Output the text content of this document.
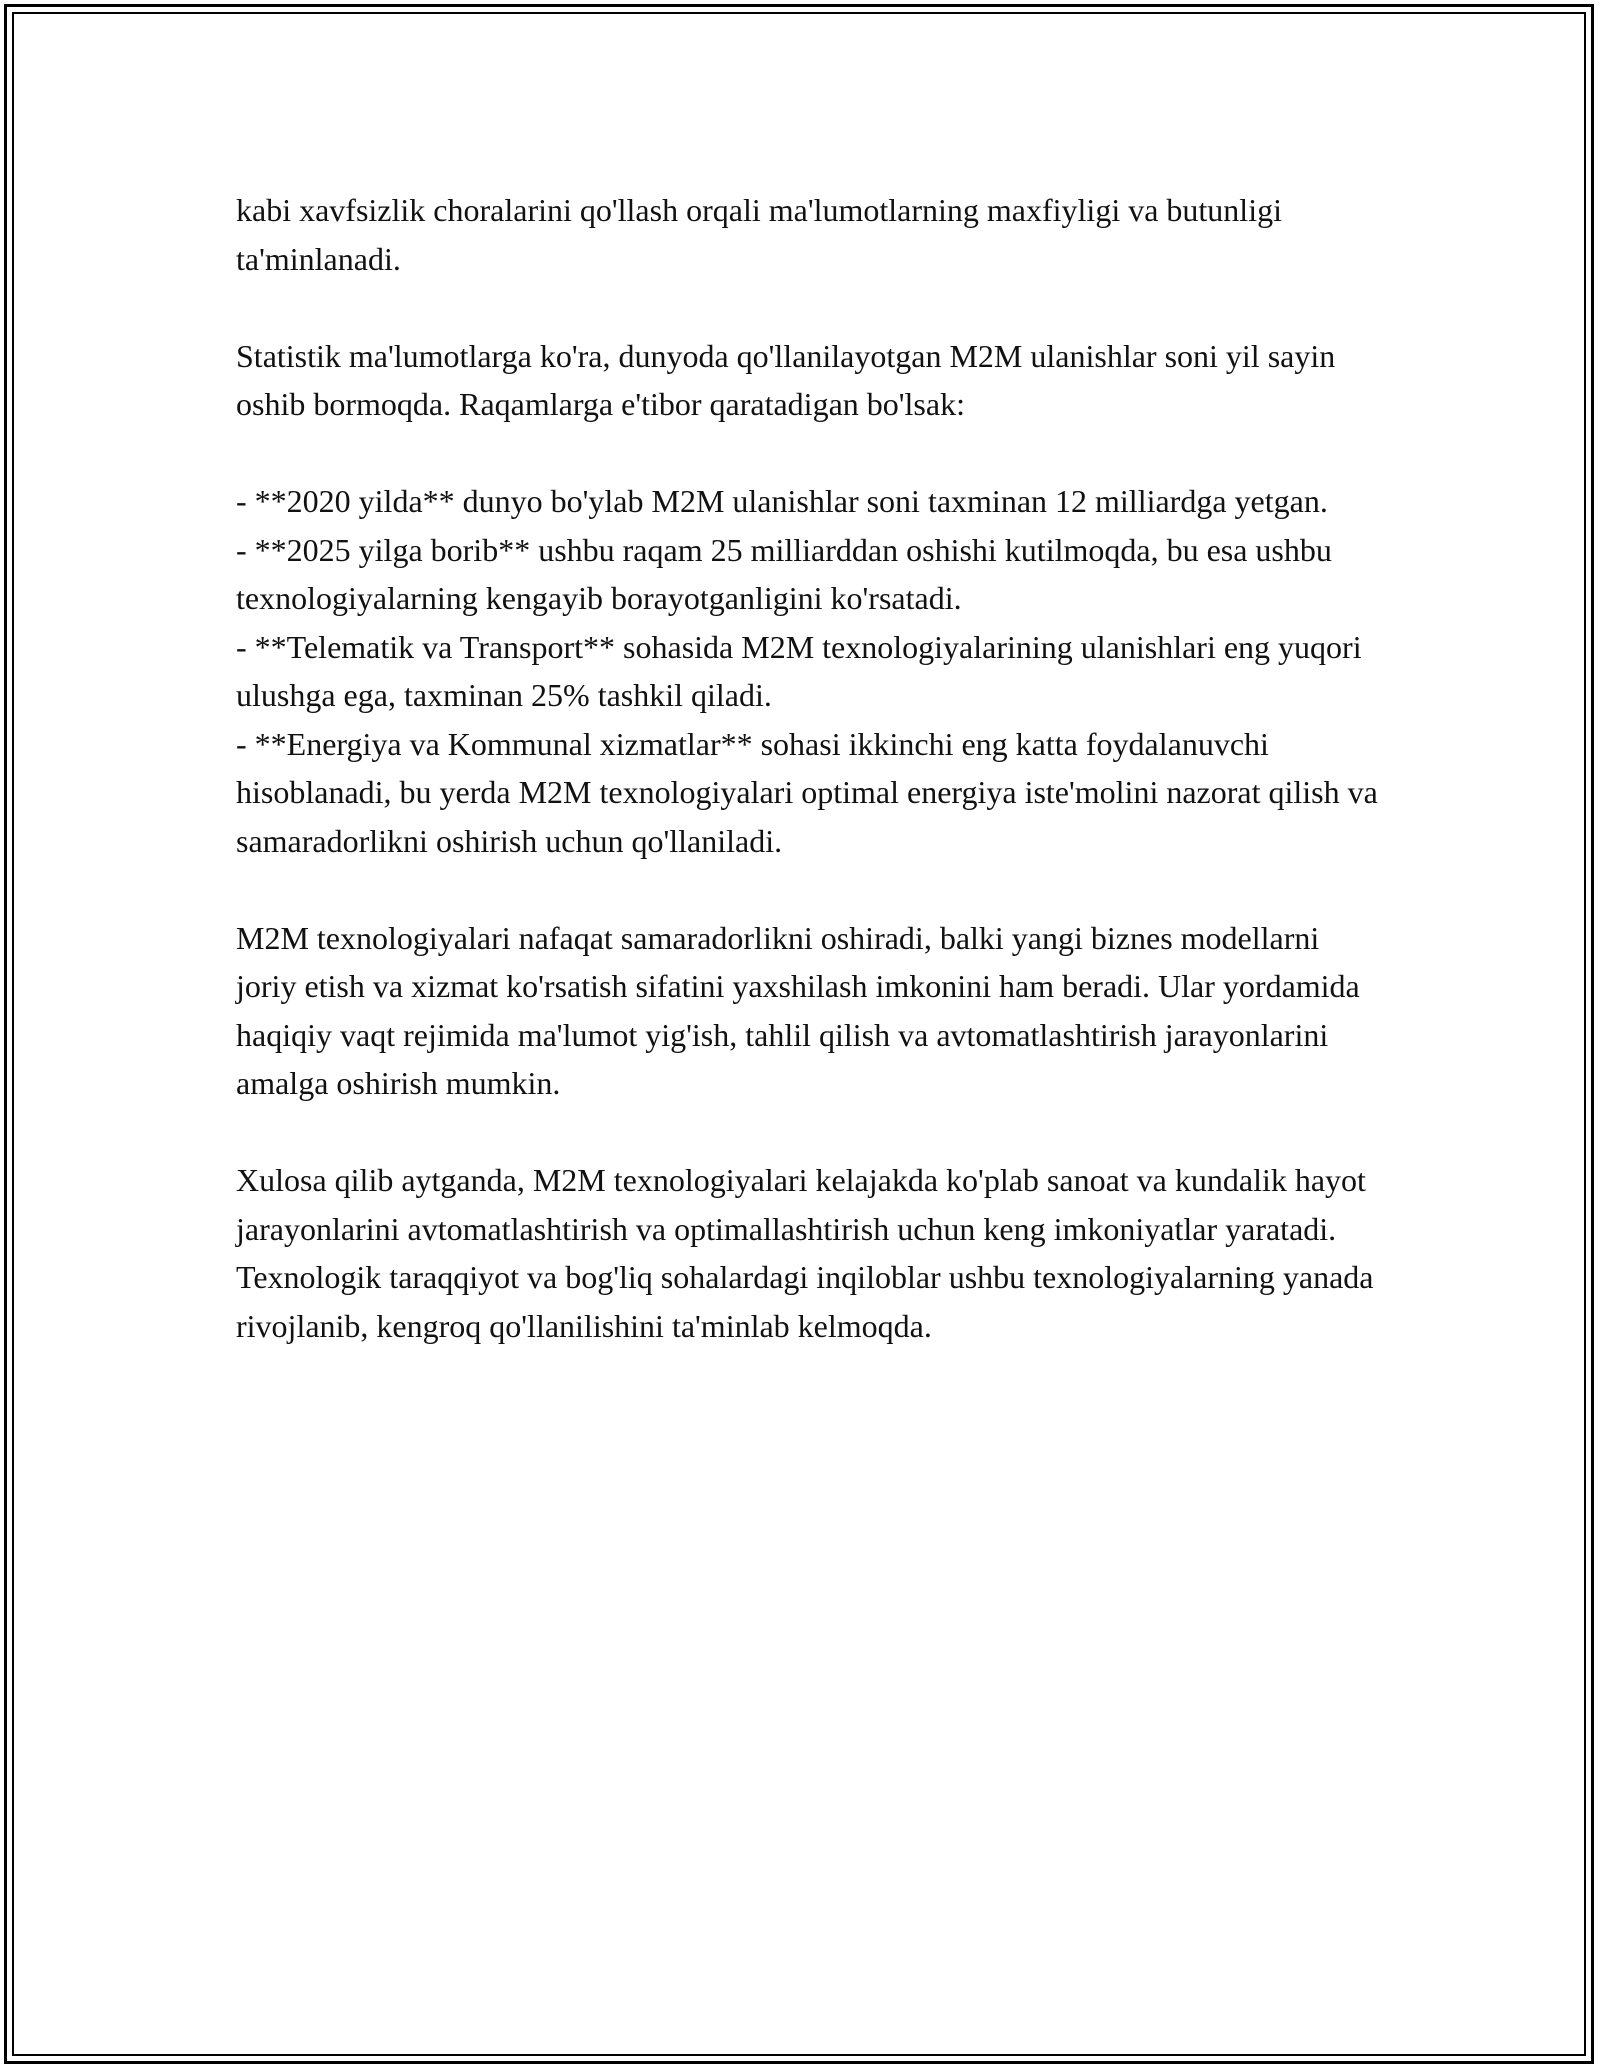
kabi xavfsizlik choralarini qo'llash orqali ma'lumotlarning maxfiyligi va butunligi ta'minlanadi.

Statistik ma'lumotlarga ko'ra, dunyoda qo'llanilayotgan M2M ulanishlar soni yil sayin oshib bormoqda. Raqamlarga e'tibor qaratadigan bo'lsak:

- **2020 yilda** dunyo bo'ylab M2M ulanishlar soni taxminan 12 milliardga yetgan.
- **2025 yilga borib** ushbu raqam 25 milliarddan oshishi kutilmoqda, bu esa ushbu texnologiyalarning kengayib borayotganligini ko'rsatadi.
- **Telematik va Transport** sohasida M2M texnologiyalarining ulanishlari eng yuqori ulushga ega, taxminan 25% tashkil qiladi.
- **Energiya va Kommunal xizmatlar** sohasi ikkinchi eng katta foydalanuvchi hisoblanadi, bu yerda M2M texnologiyalari optimal energiya iste'molini nazorat qilish va samaradorlikni oshirish uchun qo'llaniladi.

M2M texnologiyalari nafaqat samaradorlikni oshiradi, balki yangi biznes modellarni joriy etish va xizmat ko'rsatish sifatini yaxshilash imkonini ham beradi. Ular yordamida haqiqiy vaqt rejimida ma'lumot yig'ish, tahlil qilish va avtomatlashtirish jarayonlarini amalga oshirish mumkin.

Xulosa qilib aytganda, M2M texnologiyalari kelajakda ko'plab sanoat va kundalik hayot jarayonlarini avtomatlashtirish va optimallashtirish uchun keng imkoniyatlar yaratadi. Texnologik taraqqiyot va bog'liq sohalardagi inqiloblar ushbu texnologiyalarning yanada rivojlanib, kengroq qo'llanilishini ta'minlab kelmoqda.
